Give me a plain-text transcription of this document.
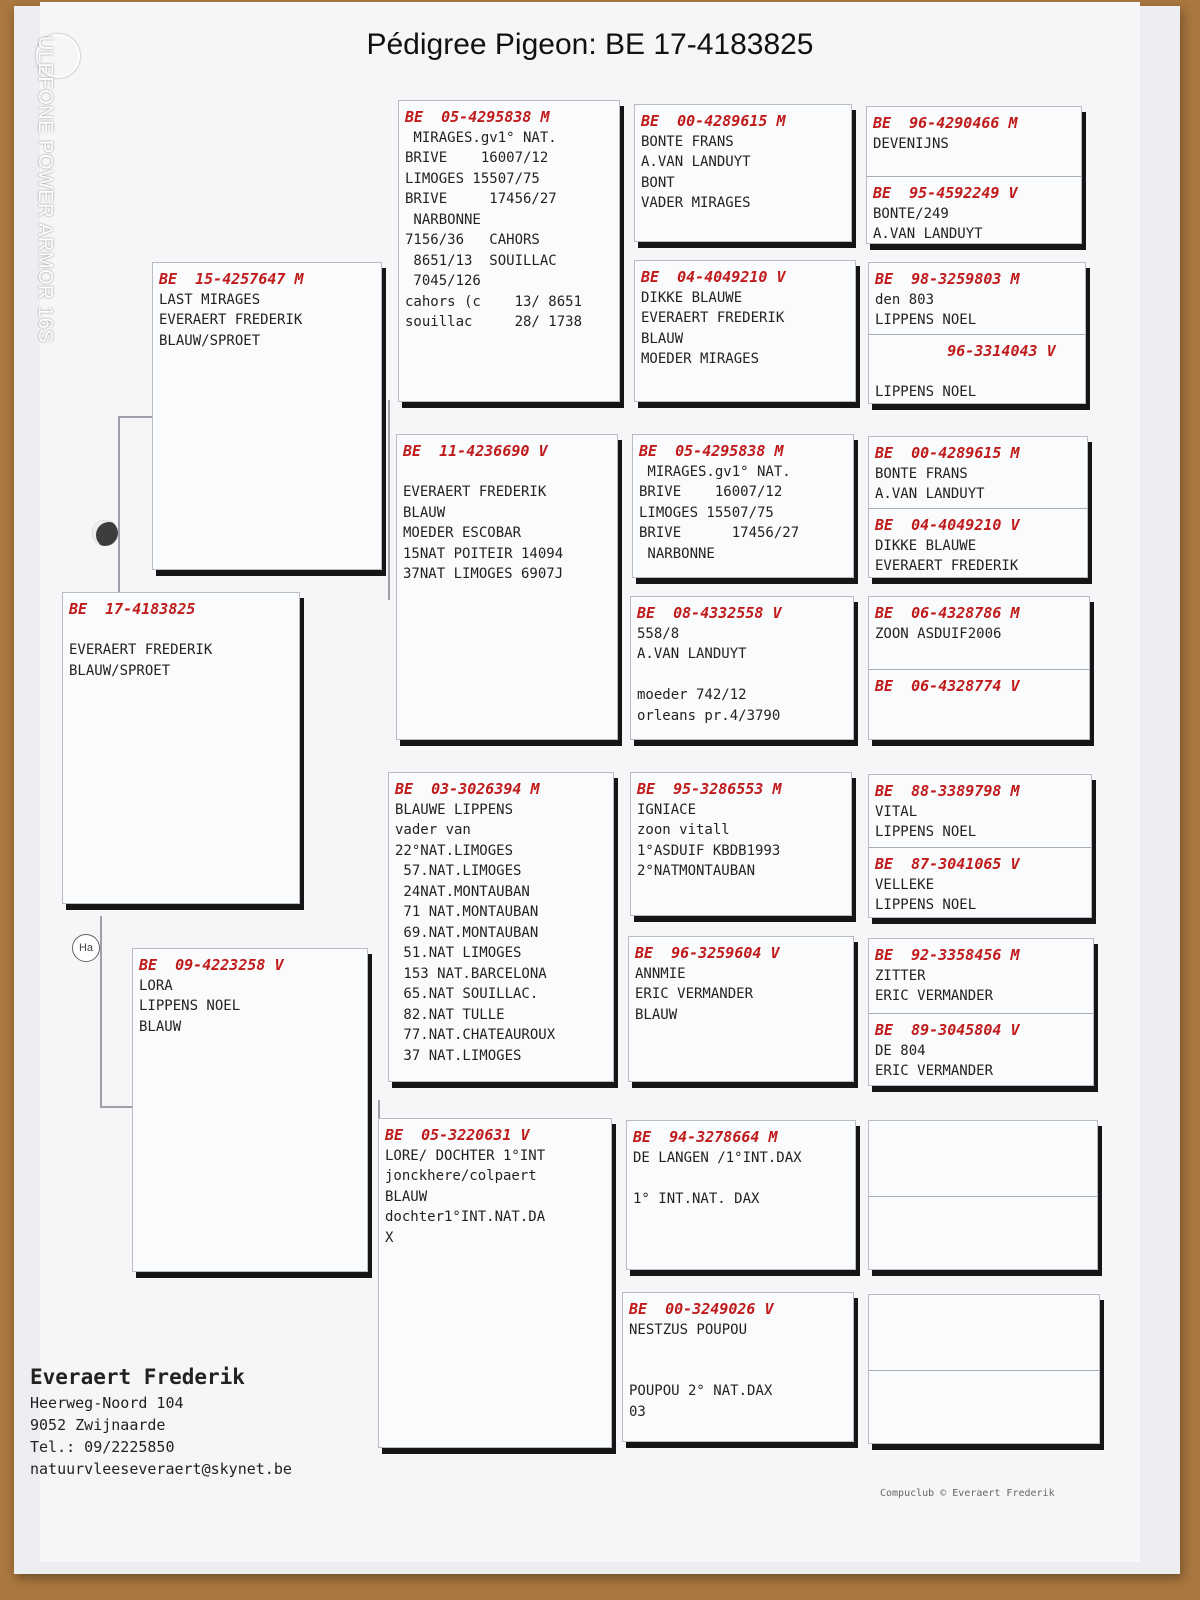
ULEFONE POWER ARMOR 16S
Pédigree Pigeon: BE 17-4183825
Ha
BE  15-4257647 M
LAST MIRAGES
EVERAERT FREDERIK
BLAUW/SPROET
BE  17-4183825
EVERAERT FREDERIK
BLAUW/SPROET
BE  09-4223258 V
LORA
LIPPENS NOEL
BLAUW
BE  05-4295838 M
MIRAGES.gv1° NAT.
BRIVE    16007/12
LIMOGES 15507/75
BRIVE     17456/27
NARBONNE
7156/36   CAHORS
8651/13  SOUILLAC
7045/126
cahors (c    13/ 8651
souillac     28/ 1738
BE  11-4236690 V
EVERAERT FREDERIK
BLAUW
MOEDER ESCOBAR
15NAT POITEIR 14094
37NAT LIMOGES 6907J
BE  03-3026394 M
BLAUWE LIPPENS
vader van
22°NAT.LIMOGES
57.NAT.LIMOGES
24NAT.MONTAUBAN
71 NAT.MONTAUBAN
69.NAT.MONTAUBAN
51.NAT LIMOGES
153 NAT.BARCELONA
65.NAT SOUILLAC.
82.NAT TULLE
77.NAT.CHATEAUROUX
37 NAT.LIMOGES
BE  05-3220631 V
LORE/ DOCHTER 1°INT
jonckhere/colpaert
BLAUW
dochter1°INT.NAT.DA
X
BE  00-4289615 M
BONTE FRANS
A.VAN LANDUYT
BONT
VADER MIRAGES
BE  04-4049210 V
DIKKE BLAUWE
EVERAERT FREDERIK
BLAUW
MOEDER MIRAGES
BE  05-4295838 M
MIRAGES.gv1° NAT.
BRIVE    16007/12
LIMOGES 15507/75
BRIVE      17456/27
NARBONNE
BE  08-4332558 V
558/8
A.VAN LANDUYT
moeder 742/12
orleans pr.4/3790
BE  95-3286553 M
IGNIACE
zoon vitall
1°ASDUIF KBDB1993
2°NATMONTAUBAN
BE  96-3259604 V
ANNMIE
ERIC VERMANDER
BLAUW
BE  94-3278664 M
DE LANGEN /1°INT.DAX
1° INT.NAT. DAX
BE  00-3249026 V
NESTZUS POUPOU
POUPOU 2° NAT.DAX
03
BE  96-4290466 M
DEVENIJNS
BE  95-4592249 V
BONTE/249
A.VAN LANDUYT
BE  98-3259803 M
den 803
LIPPENS NOEL
96-3314043 V
LIPPENS NOEL
BE  00-4289615 M
BONTE FRANS
A.VAN LANDUYT
BE  04-4049210 V
DIKKE BLAUWE
EVERAERT FREDERIK
BE  06-4328786 M
ZOON ASDUIF2006
BE  06-4328774 V
BE  88-3389798 M
VITAL
LIPPENS NOEL
BE  87-3041065 V
VELLEKE
LIPPENS NOEL
BE  92-3358456 M
ZITTER
ERIC VERMANDER
BE  89-3045804 V
DE 804
ERIC VERMANDER
Everaert Frederik
Heerweg-Noord 104
9052 Zwijnaarde
Tel.: 09/2225850
natuurvleeseveraert@skynet.be
Compuclub © Everaert Frederik
